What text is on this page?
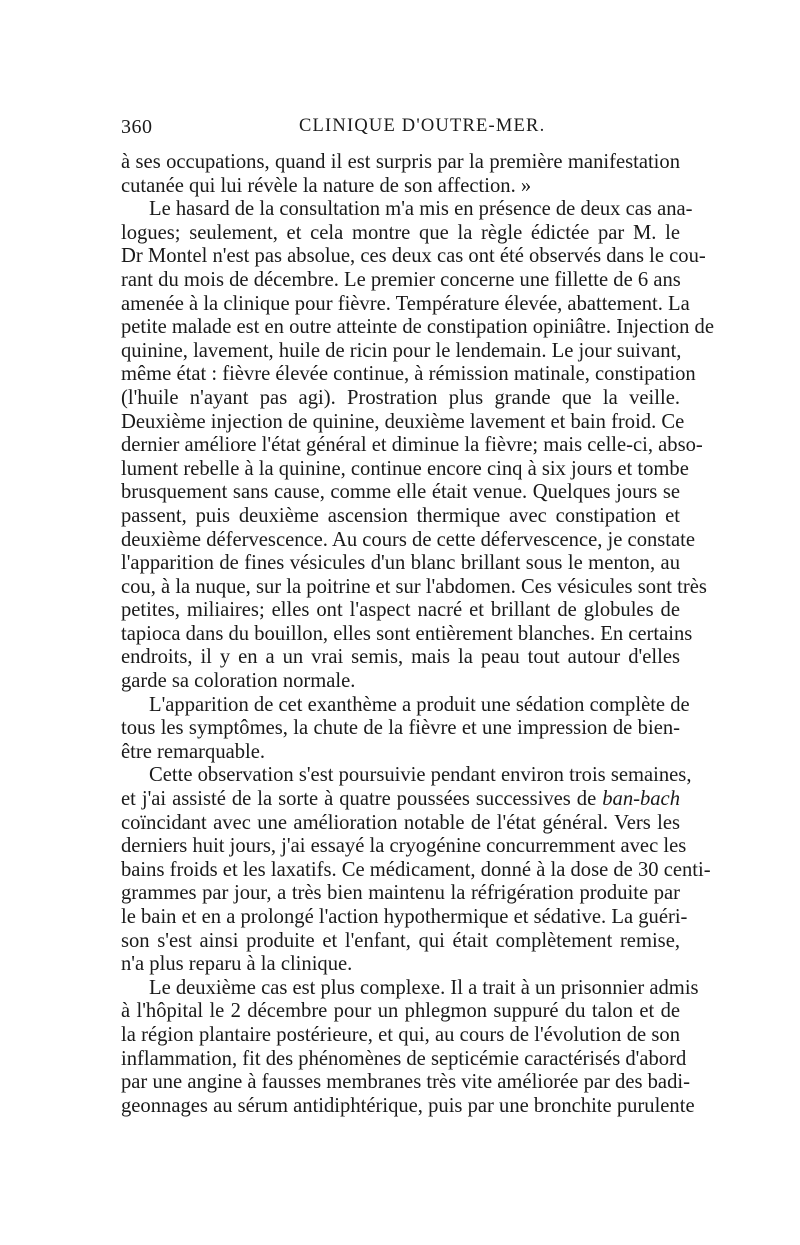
360	CLINIQUE D'OUTRE-MER.
à ses occupations, quand il est surpris par la première manifestation
cutanée qui lui révèle la nature de son affection. »
Le hasard de la consultation m'a mis en présence de deux cas ana-
logues; seulement, et cela montre que la règle édictée par M. le
Dr Montel n'est pas absolue, ces deux cas ont été observés dans le cou-
rant du mois de décembre. Le premier concerne une fillette de 6 ans
amenée à la clinique pour fièvre. Température élevée, abattement. La
petite malade est en outre atteinte de constipation opiniâtre. Injection de
quinine, lavement, huile de ricin pour le lendemain. Le jour suivant,
même état : fièvre élevée continue, à rémission matinale, constipation
(l'huile n'ayant pas agi). Prostration plus grande que la veille.
Deuxième injection de quinine, deuxième lavement et bain froid. Ce
dernier améliore l'état général et diminue la fièvre; mais celle-ci, abso-
lument rebelle à la quinine, continue encore cinq à six jours et tombe
brusquement sans cause, comme elle était venue. Quelques jours se
passent, puis deuxième ascension thermique avec constipation et
deuxième défervescence. Au cours de cette défervescence, je constate
l'apparition de fines vésicules d'un blanc brillant sous le menton, au
cou, à la nuque, sur la poitrine et sur l'abdomen. Ces vésicules sont très
petites, miliaires; elles ont l'aspect nacré et brillant de globules de
tapioca dans du bouillon, elles sont entièrement blanches. En certains
endroits, il y en a un vrai semis, mais la peau tout autour d'elles
garde sa coloration normale.
L'apparition de cet exanthème a produit une sédation complète de
tous les symptômes, la chute de la fièvre et une impression de bien-
être remarquable.
Cette observation s'est poursuivie pendant environ trois semaines,
et j'ai assisté de la sorte à quatre poussées successives de ban-bach
coïncidant avec une amélioration notable de l'état général. Vers les
derniers huit jours, j'ai essayé la cryogénine concurremment avec les
bains froids et les laxatifs. Ce médicament, donné à la dose de 30 centi-
grammes par jour, a très bien maintenu la réfrigération produite par
le bain et en a prolongé l'action hypothermique et sédative. La guéri-
son s'est ainsi produite et l'enfant, qui était complètement remise,
n'a plus reparu à la clinique.
Le deuxième cas est plus complexe. Il a trait à un prisonnier admis
à l'hôpital le 2 décembre pour un phlegmon suppuré du talon et de
la région plantaire postérieure, et qui, au cours de l'évolution de son
inflammation, fit des phénomènes de septicémie caractérisés d'abord
par une angine à fausses membranes très vite améliorée par des badi-
geonnages au sérum antidiphtérique, puis par une bronchite purulente
